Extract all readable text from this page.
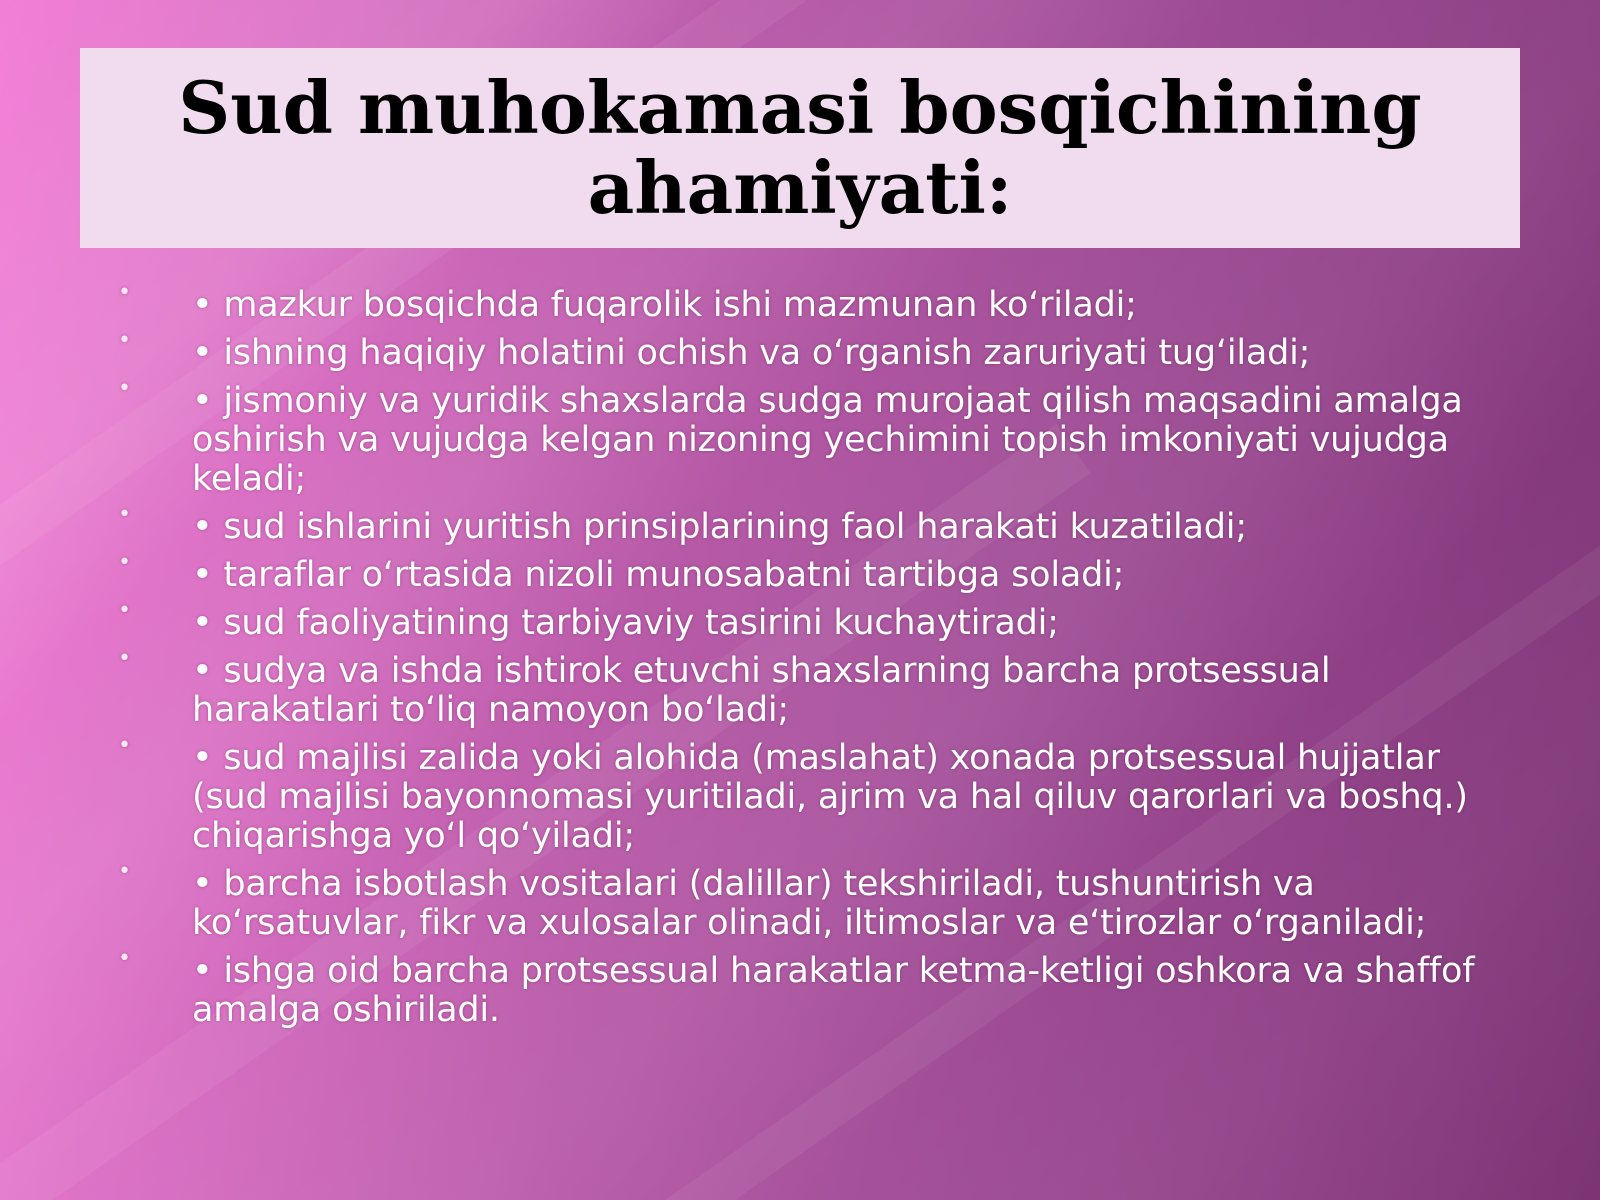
Sud muhokamasi bosqichining ahamiyati:
• • mazkur bosqichda fuqarolik ishi mazmunan koʻriladi;
• • ishning haqiqiy holatini ochish va oʻrganish zaruriyati tugʻiladi;
• • jismoniy va yuridik shaxslarda sudga murojaat qilish maqsadini amalga oshirish va vujudga kelgan nizoning yechimini topish imkoniyati vujudga keladi;
• • sud ishlarini yuritish prinsiplarining faol harakati kuzatiladi;
• • taraflar oʻrtasida nizoli munosabatni tartibga soladi;
• • sud faoliyatining tarbiyaviy tasirini kuchaytiradi;
• • sudya va ishda ishtirok etuvchi shaxslarning barcha protsessual harakatlari toʻliq namoyon boʻladi;
• • sud majlisi zalida yoki alohida (maslahat) xonada protsessual hujjatlar (sud majlisi bayonnomasi yuritiladi, ajrim va hal qiluv qarorlari va boshq.) chiqarishga yoʻl qoʻyiladi;
• • barcha isbotlash vositalari (dalillar) tekshiriladi, tushuntirish va koʻrsatuvlar, fikr va xulosalar olinadi, iltimoslar va eʻtirozlar oʻrganiladi;
• • ishga oid barcha protsessual harakatlar ketma-ketligi oshkora va shaffof amalga oshiriladi.
